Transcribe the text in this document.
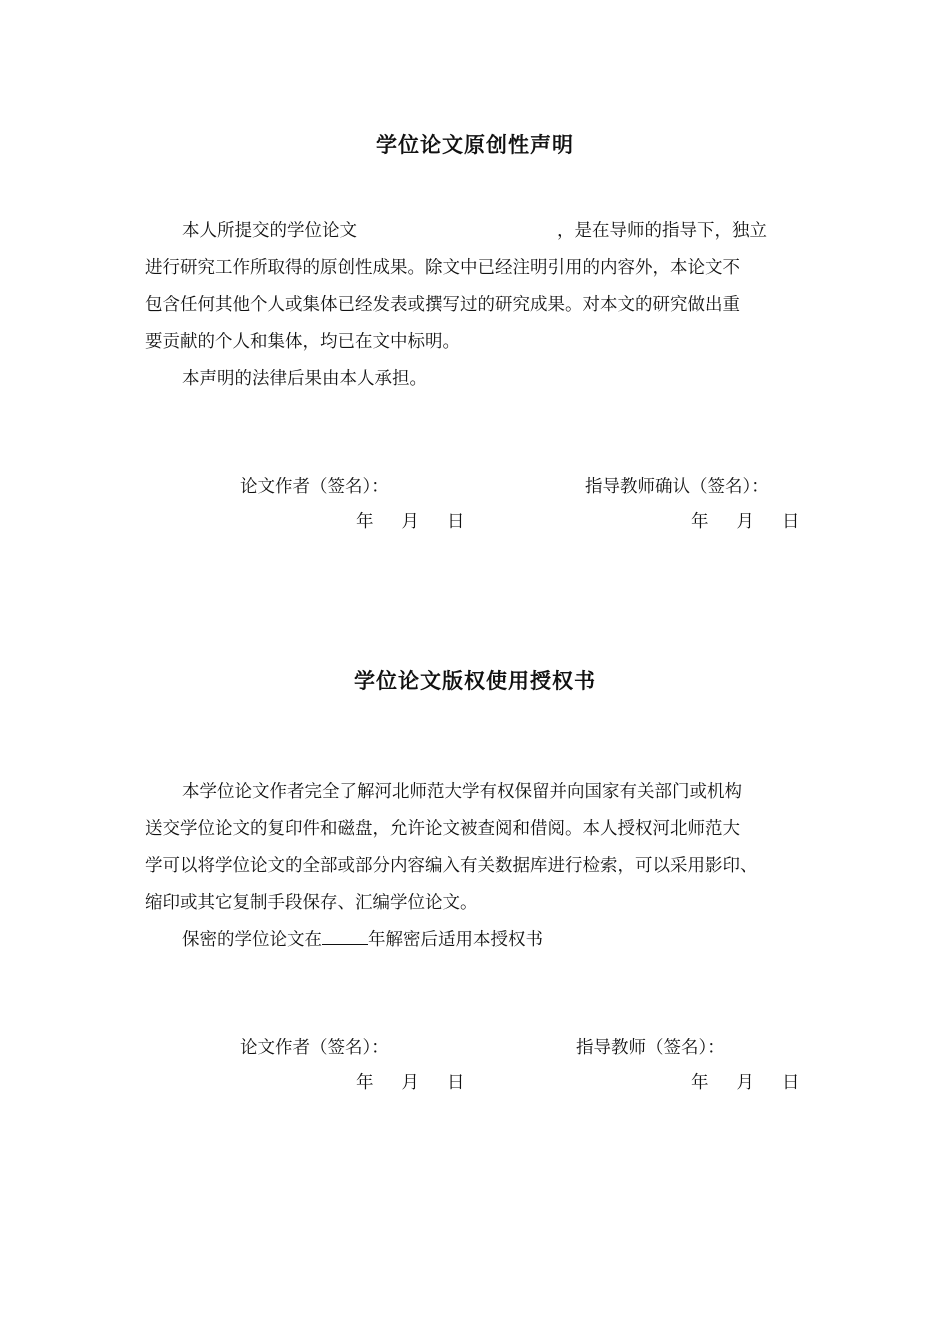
学位论文原创性声明
本人所提交的学位论文	，是在导师的指导下，独立
进行研究工作所取得的原创性成果。除文中已经注明引用的内容外，本论文不
包含任何其他个人或集体已经发表或撰写过的研究成果。对本文的研究做出重
要贡献的个人和集体，均已在文中标明。
本声明的法律后果由本人承担。
论文作者（签名）：	指导教师确认（签名）：
年 月 日	年 月 日
学位论文版权使用授权书
本学位论文作者完全了解河北师范大学有权保留并向国家有关部门或机构
送交学位论文的复印件和磁盘，允许论文被查阅和借阅。本人授权河北师范大
学可以将学位论文的全部或部分内容编入有关数据库进行检索，可以采用影印、
缩印或其它复制手段保存、汇编学位论文。
保密的学位论文在	年解密后适用本授权书
论文作者（签名）：	指导教师（签名）：
年 月 日	年 月 日
